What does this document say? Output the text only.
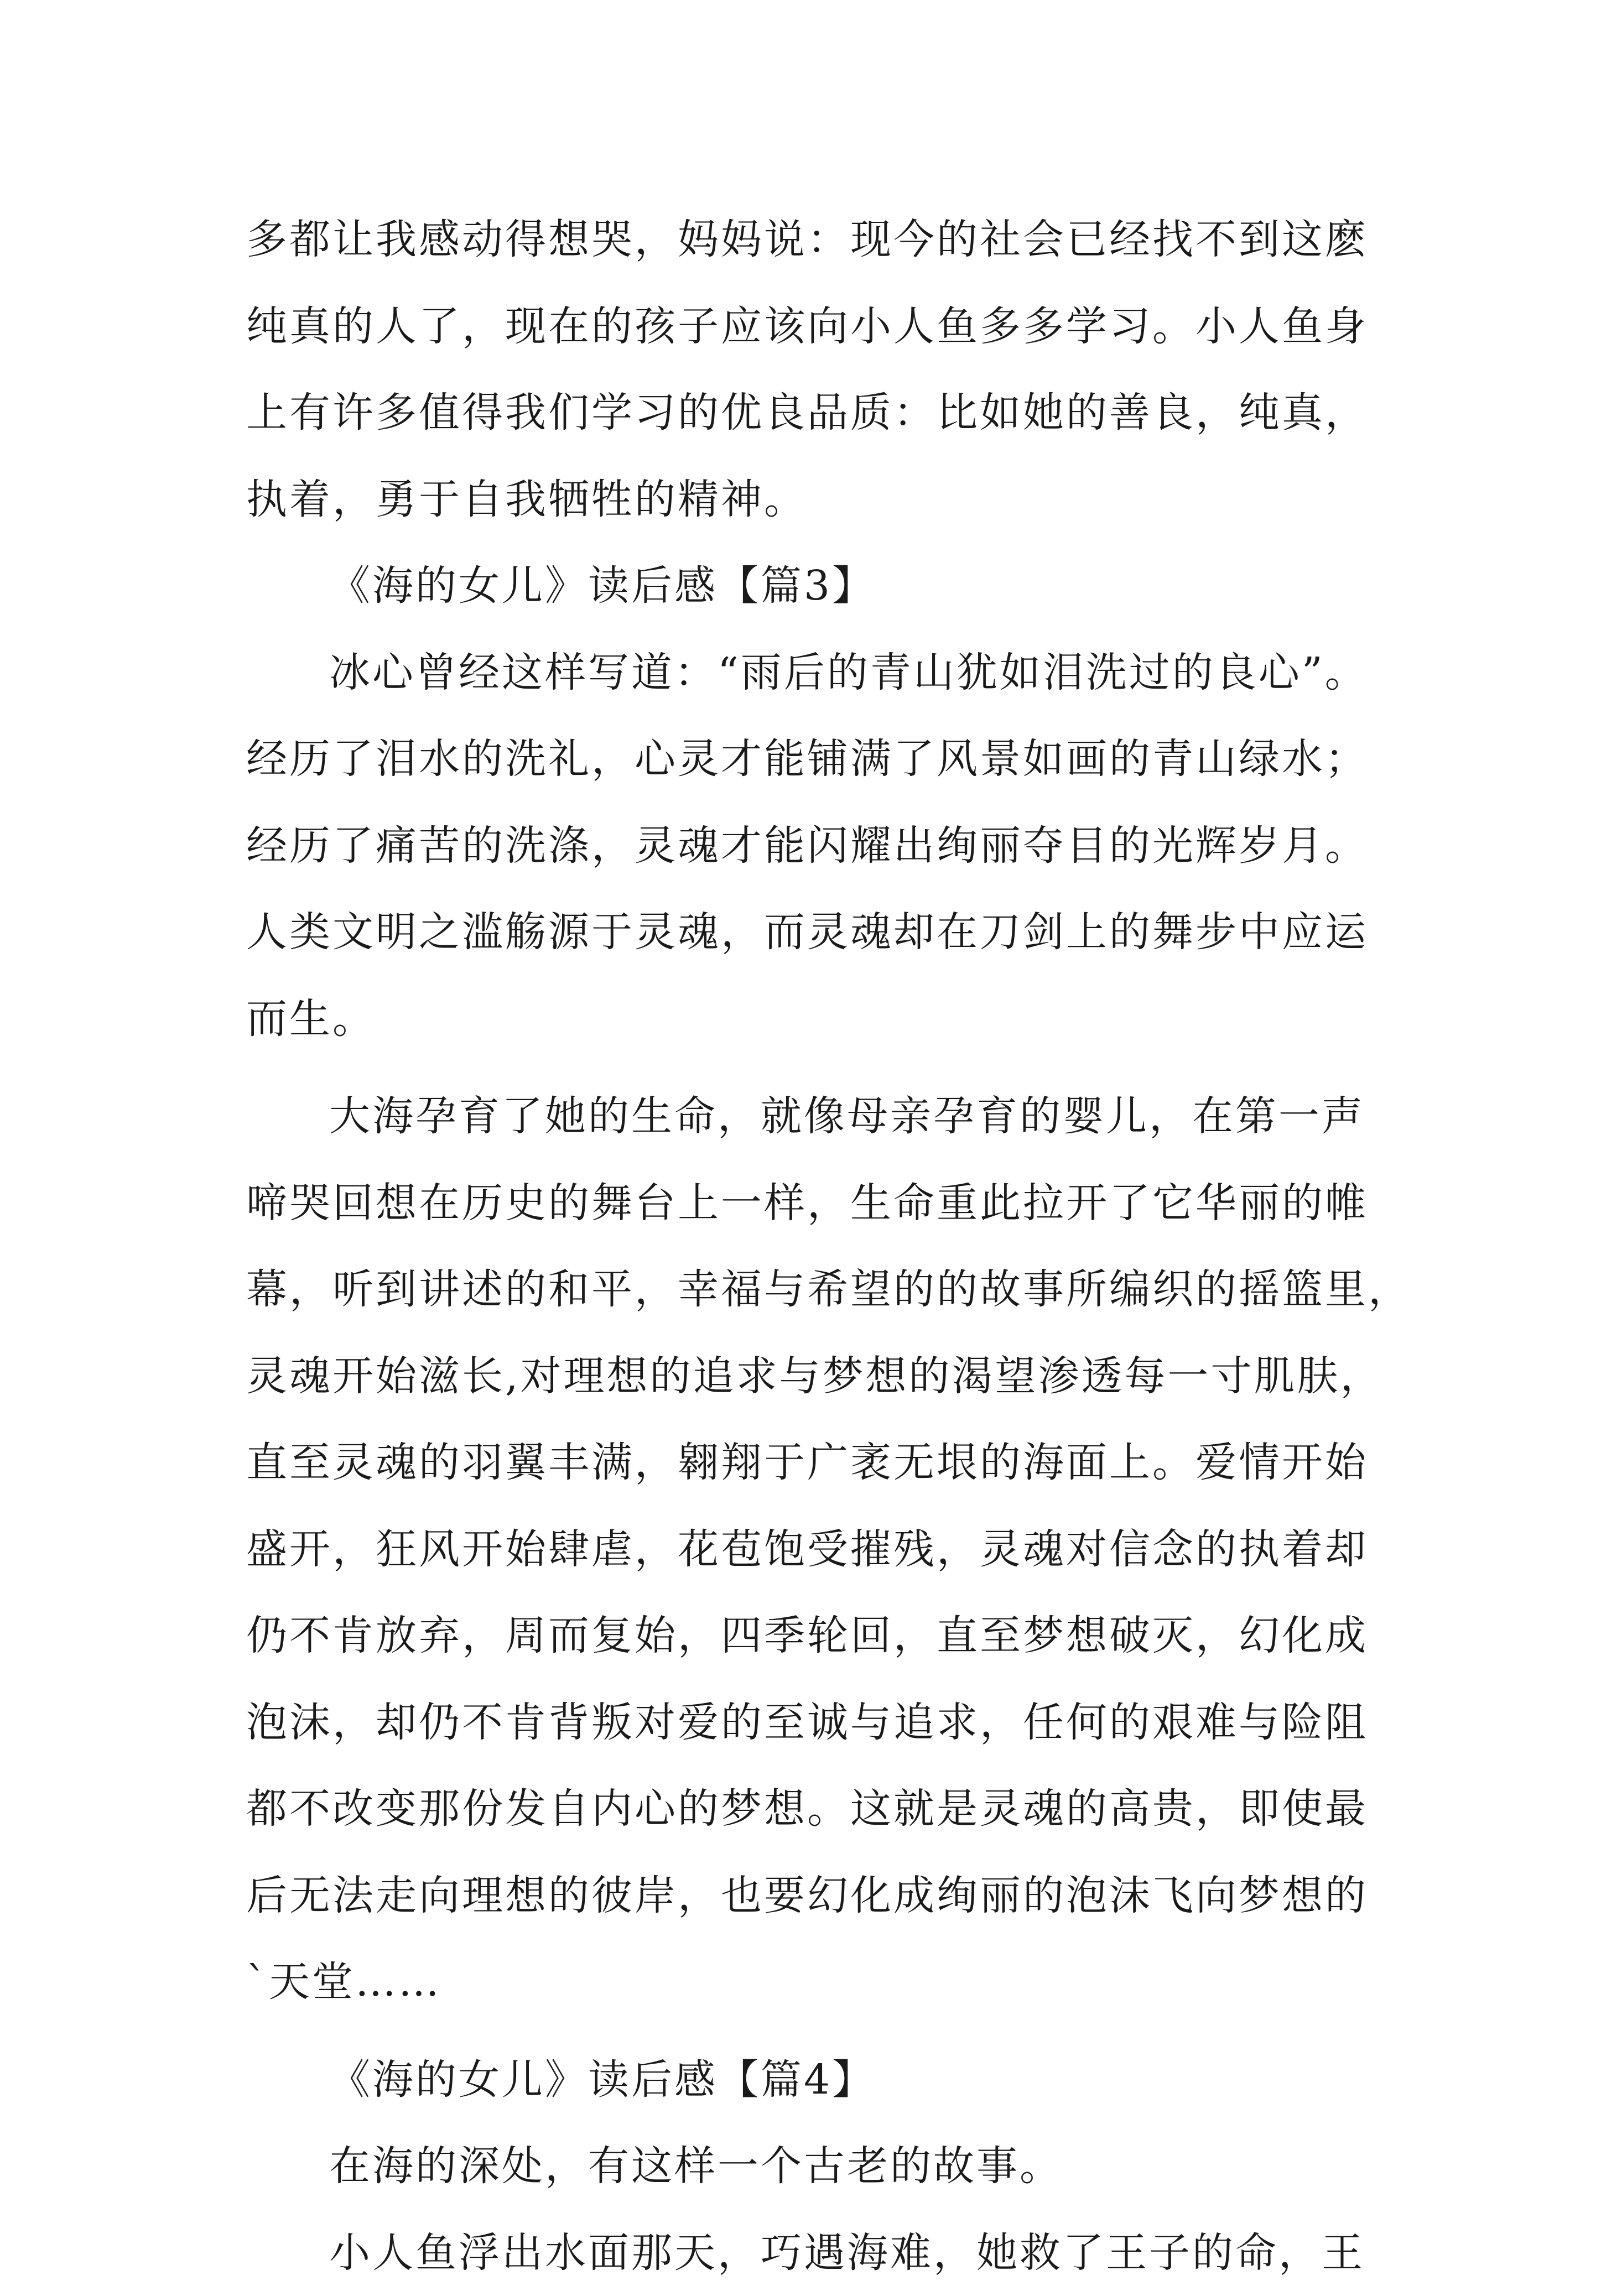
多都让我感动得想哭，妈妈说：现今的社会已经找不到这麽
纯真的人了，现在的孩子应该向小人鱼多多学习。小人鱼身
上有许多值得我们学习的优良品质：比如她的善良，纯真，
执着，勇于自我牺牲的精神。
《海的女儿》读后感【篇3】
冰心曾经这样写道：“雨后的青山犹如泪洗过的良心”。
经历了泪水的洗礼，心灵才能铺满了风景如画的青山绿水；
经历了痛苦的洗涤，灵魂才能闪耀出绚丽夺目的光辉岁月。
人类文明之滥觞源于灵魂，而灵魂却在刀剑上的舞步中应运
而生。
大海孕育了她的生命，就像母亲孕育的婴儿，在第一声
啼哭回想在历史的舞台上一样，生命重此拉开了它华丽的帷
幕，听到讲述的和平，幸福与希望的的故事所编织的摇篮里，
灵魂开始滋长,对理想的追求与梦想的渴望渗透每一寸肌肤，
直至灵魂的羽翼丰满，翱翔于广袤无垠的海面上。爱情开始
盛开，狂风开始肆虐，花苞饱受摧残，灵魂对信念的执着却
仍不肯放弃，周而复始，四季轮回，直至梦想破灭，幻化成
泡沫，却仍不肯背叛对爱的至诚与追求，任何的艰难与险阻
都不改变那份发自内心的梦想。这就是灵魂的高贵，即使最
后无法走向理想的彼岸，也要幻化成绚丽的泡沫飞向梦想的
`天堂……
《海的女儿》读后感【篇4】
在海的深处，有这样一个古老的故事。
小人鱼浮出水面那天，巧遇海难，她救了王子的命，王
